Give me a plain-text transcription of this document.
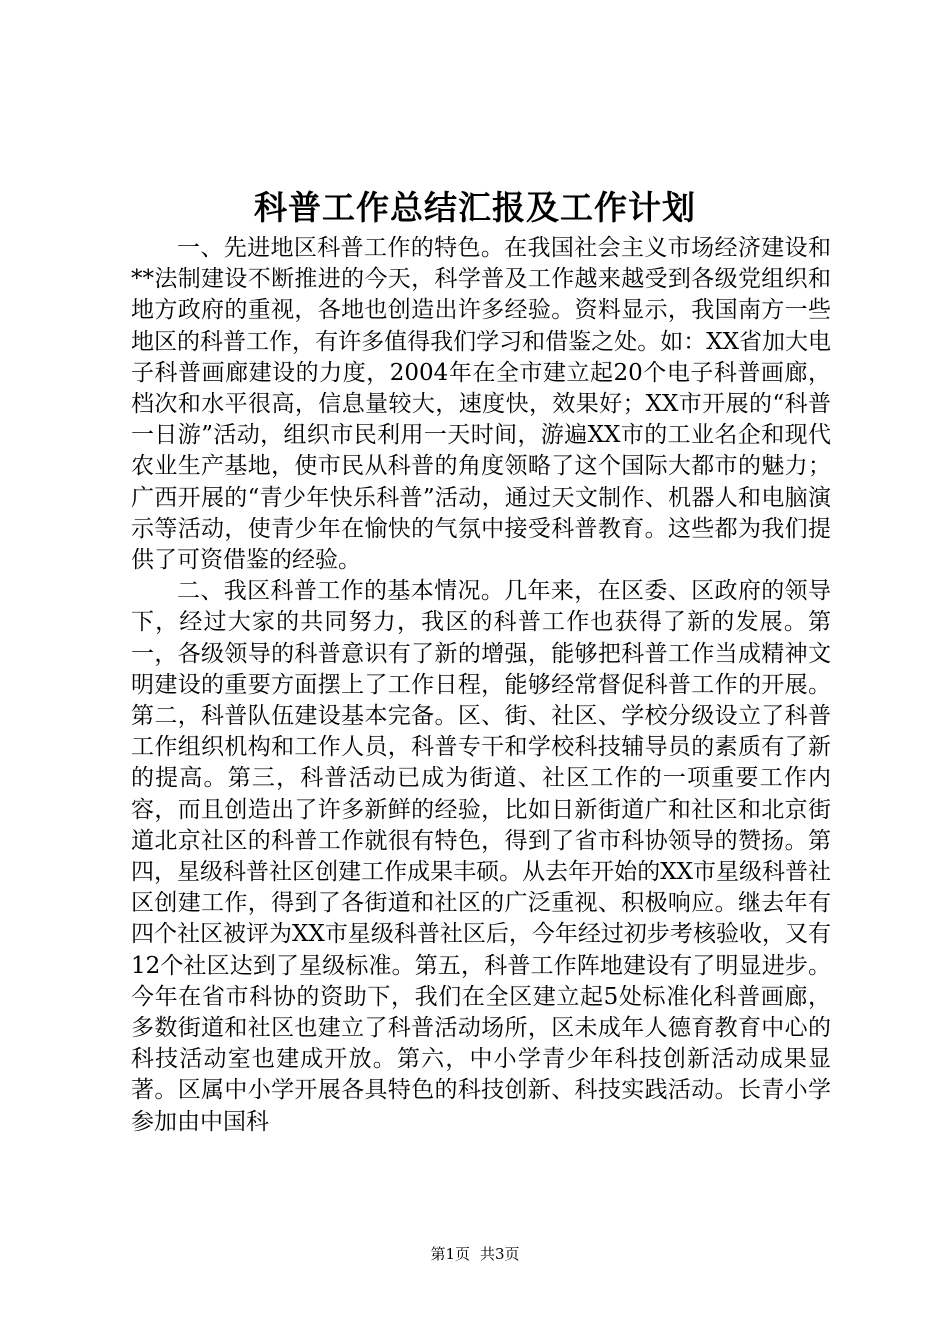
科普工作总结汇报及工作计划

一、先进地区科普工作的特色。在我国社会主义市场经济建设和**法制建设不断推进的今天，科学普及工作越来越受到各级党组织和地方政府的重视，各地也创造出许多经验。资料显示，我国南方一些地区的科普工作，有许多值得我们学习和借鉴之处。如：XX省加大电子科普画廊建设的力度，2004年在全市建立起20个电子科普画廊，档次和水平很高，信息量较大，速度快，效果好；XX市开展的“科普一日游”活动，组织市民利用一天时间，游遍XX市的工业名企和现代农业生产基地，使市民从科普的角度领略了这个国际大都市的魅力；广西开展的“青少年快乐科普”活动，通过天文制作、机器人和电脑演示等活动，使青少年在愉快的气氛中接受科普教育。这些都为我们提供了可资借鉴的经验。

二、我区科普工作的基本情况。几年来，在区委、区政府的领导下，经过大家的共同努力，我区的科普工作也获得了新的发展。第一，各级领导的科普意识有了新的增强，能够把科普工作当成精神文明建设的重要方面摆上了工作日程，能够经常督促科普工作的开展。第二，科普队伍建设基本完备。区、街、社区、学校分级设立了科普工作组织机构和工作人员，科普专干和学校科技辅导员的素质有了新的提高。第三，科普活动已成为街道、社区工作的一项重要工作内容，而且创造出了许多新鲜的经验，比如日新街道广和社区和北京街道北京社区的科普工作就很有特色，得到了省市科协领导的赞扬。第四，星级科普社区创建工作成果丰硕。从去年开始的XX市星级科普社区创建工作，得到了各街道和社区的广泛重视、积极响应。继去年有四个社区被评为XX市星级科普社区后，今年经过初步考核验收，又有12个社区达到了星级标准。第五，科普工作阵地建设有了明显进步。今年在省市科协的资助下，我们在全区建立起5处标准化科普画廊，多数街道和社区也建立了科普活动场所，区未成年人德育教育中心的科技活动室也建成开放。第六，中小学青少年科技创新活动成果显著。区属中小学开展各具特色的科技创新、科技实践活动。长青小学参加由中国科

第1页 共3页
